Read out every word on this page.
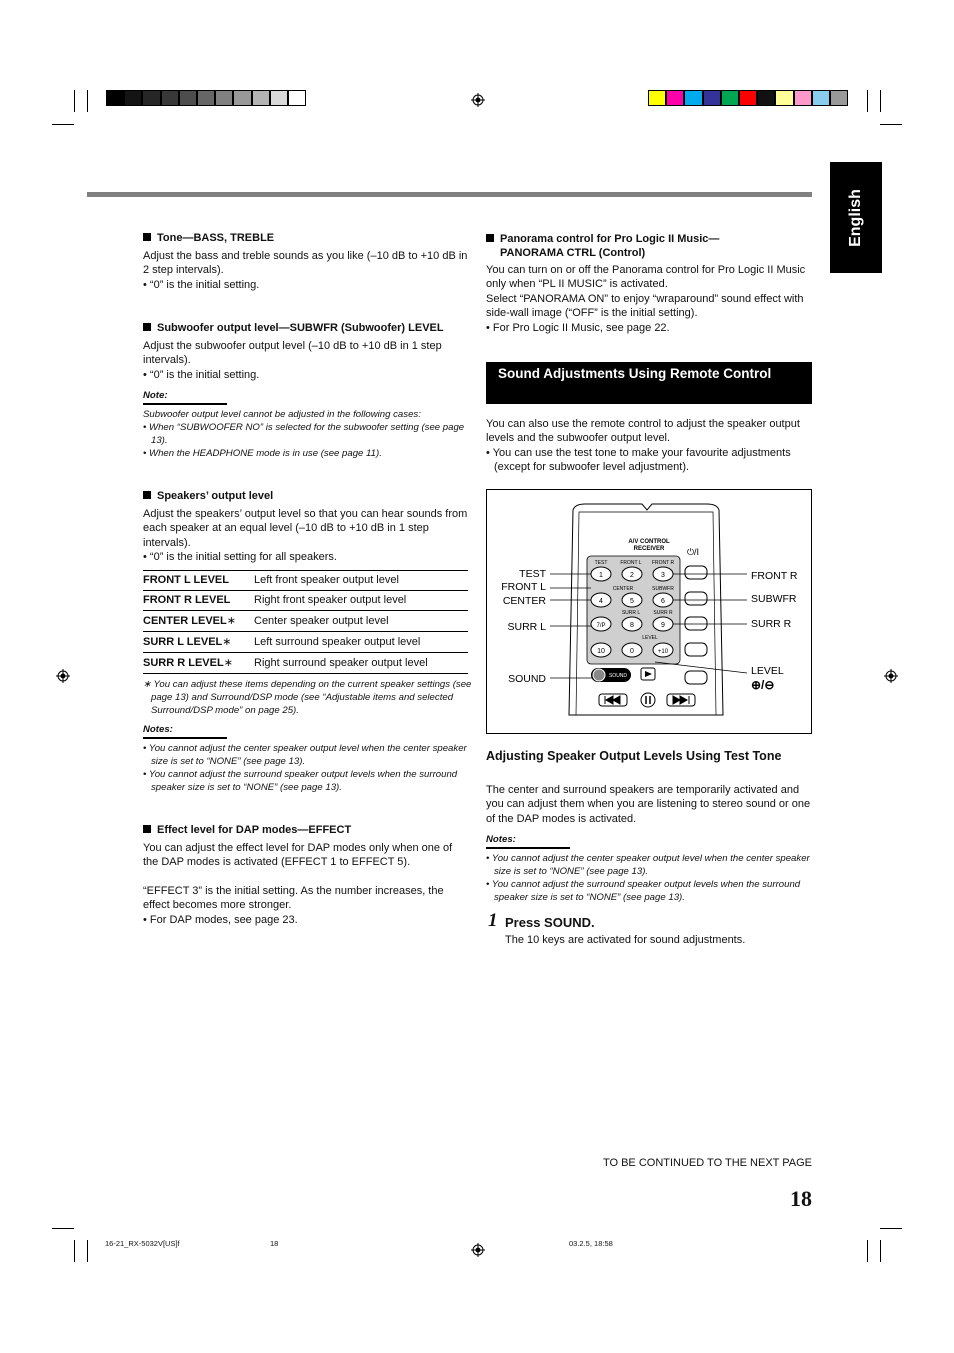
English
Tone—BASS, TREBLE
Adjust the bass and treble sounds as you like (–10 dB to +10 dB in 2 step intervals).
• “0” is the initial setting.
Subwoofer output level—SUBWFR (Subwoofer) LEVEL
Adjust the subwoofer output level (–10 dB to +10 dB in 1 step intervals).
• “0” is the initial setting.
Note:
Subwoofer output level cannot be adjusted in the following cases:
• When “SUBWOOFER NO” is selected for the subwoofer setting (see page 13).
• When the HEADPHONE mode is in use (see page 11).
Speakers’ output level
Adjust the speakers’ output level so that you can hear sounds from each speaker at an equal level (–10 dB to +10 dB in 1 step intervals).
• “0” is the initial setting for all speakers.
FRONT L LEVEL	Left front speaker output level
FRONT R LEVEL	Right front speaker output level
CENTER LEVEL∗	Center speaker output level
SURR L LEVEL∗	Left surround speaker output level
SURR R LEVEL∗	Right surround speaker output level
∗ You can adjust these items depending on the current speaker settings (see page 13) and Surround/DSP mode (see “Adjustable items and selected Surround/DSP mode” on page 25).
Notes:
• You cannot adjust the center speaker output level when the center speaker size is set to “NONE” (see page 13).
• You cannot adjust the surround speaker output levels when the surround speaker size is set to “NONE” (see page 13).
Effect level for DAP modes—EFFECT
You can adjust the effect level for DAP modes only when one of the DAP modes is activated (EFFECT 1 to EFFECT 5).
“EFFECT 3” is the initial setting. As the number increases, the effect becomes more stronger.
• For DAP modes, see page 23.
Panorama control for Pro Logic II Music—
PANORAMA CTRL (Control)
You can turn on or off the Panorama control for Pro Logic II Music only when “PL II MUSIC” is activated.
Select “PANORAMA ON” to enjoy “wraparound” sound effect with side-wall image (“OFF” is the initial setting).
• For Pro Logic II Music, see page 22.
Sound Adjustments Using Remote Control
You can also use the remote control to adjust the speaker output levels and the subwoofer output level.
• You can use the test tone to make your favourite adjustments (except for subwoofer level adjustment).
A/V CONTROL
RECEIVER	⏻/I
TEST	FRONT L FRONT R
CENTER	SUBWFR
SURR L	SURR R
LEVEL
1	2	3
4	5	6
7/P	8	9
10	0	+10
SOUND
TEST
FRONT L
CENTER
SURR L
SOUND
FRONT R
SUBWFR
SURR R
LEVEL
⊕/⊖
Adjusting Speaker Output Levels Using Test Tone
The center and surround speakers are temporarily activated and you can adjust them when you are listening to stereo sound or one of the DAP modes is activated.
Notes:
• You cannot adjust the center speaker output level when the center speaker size is set to “NONE” (see page 13).
• You cannot adjust the surround speaker output levels when the surround speaker size is set to “NONE” (see page 13).
1 Press SOUND.
The 10 keys are activated for sound adjustments.
TO BE CONTINUED TO THE NEXT PAGE
18
16-21_RX-5032V[US]f	18	03.2.5, 18:58
